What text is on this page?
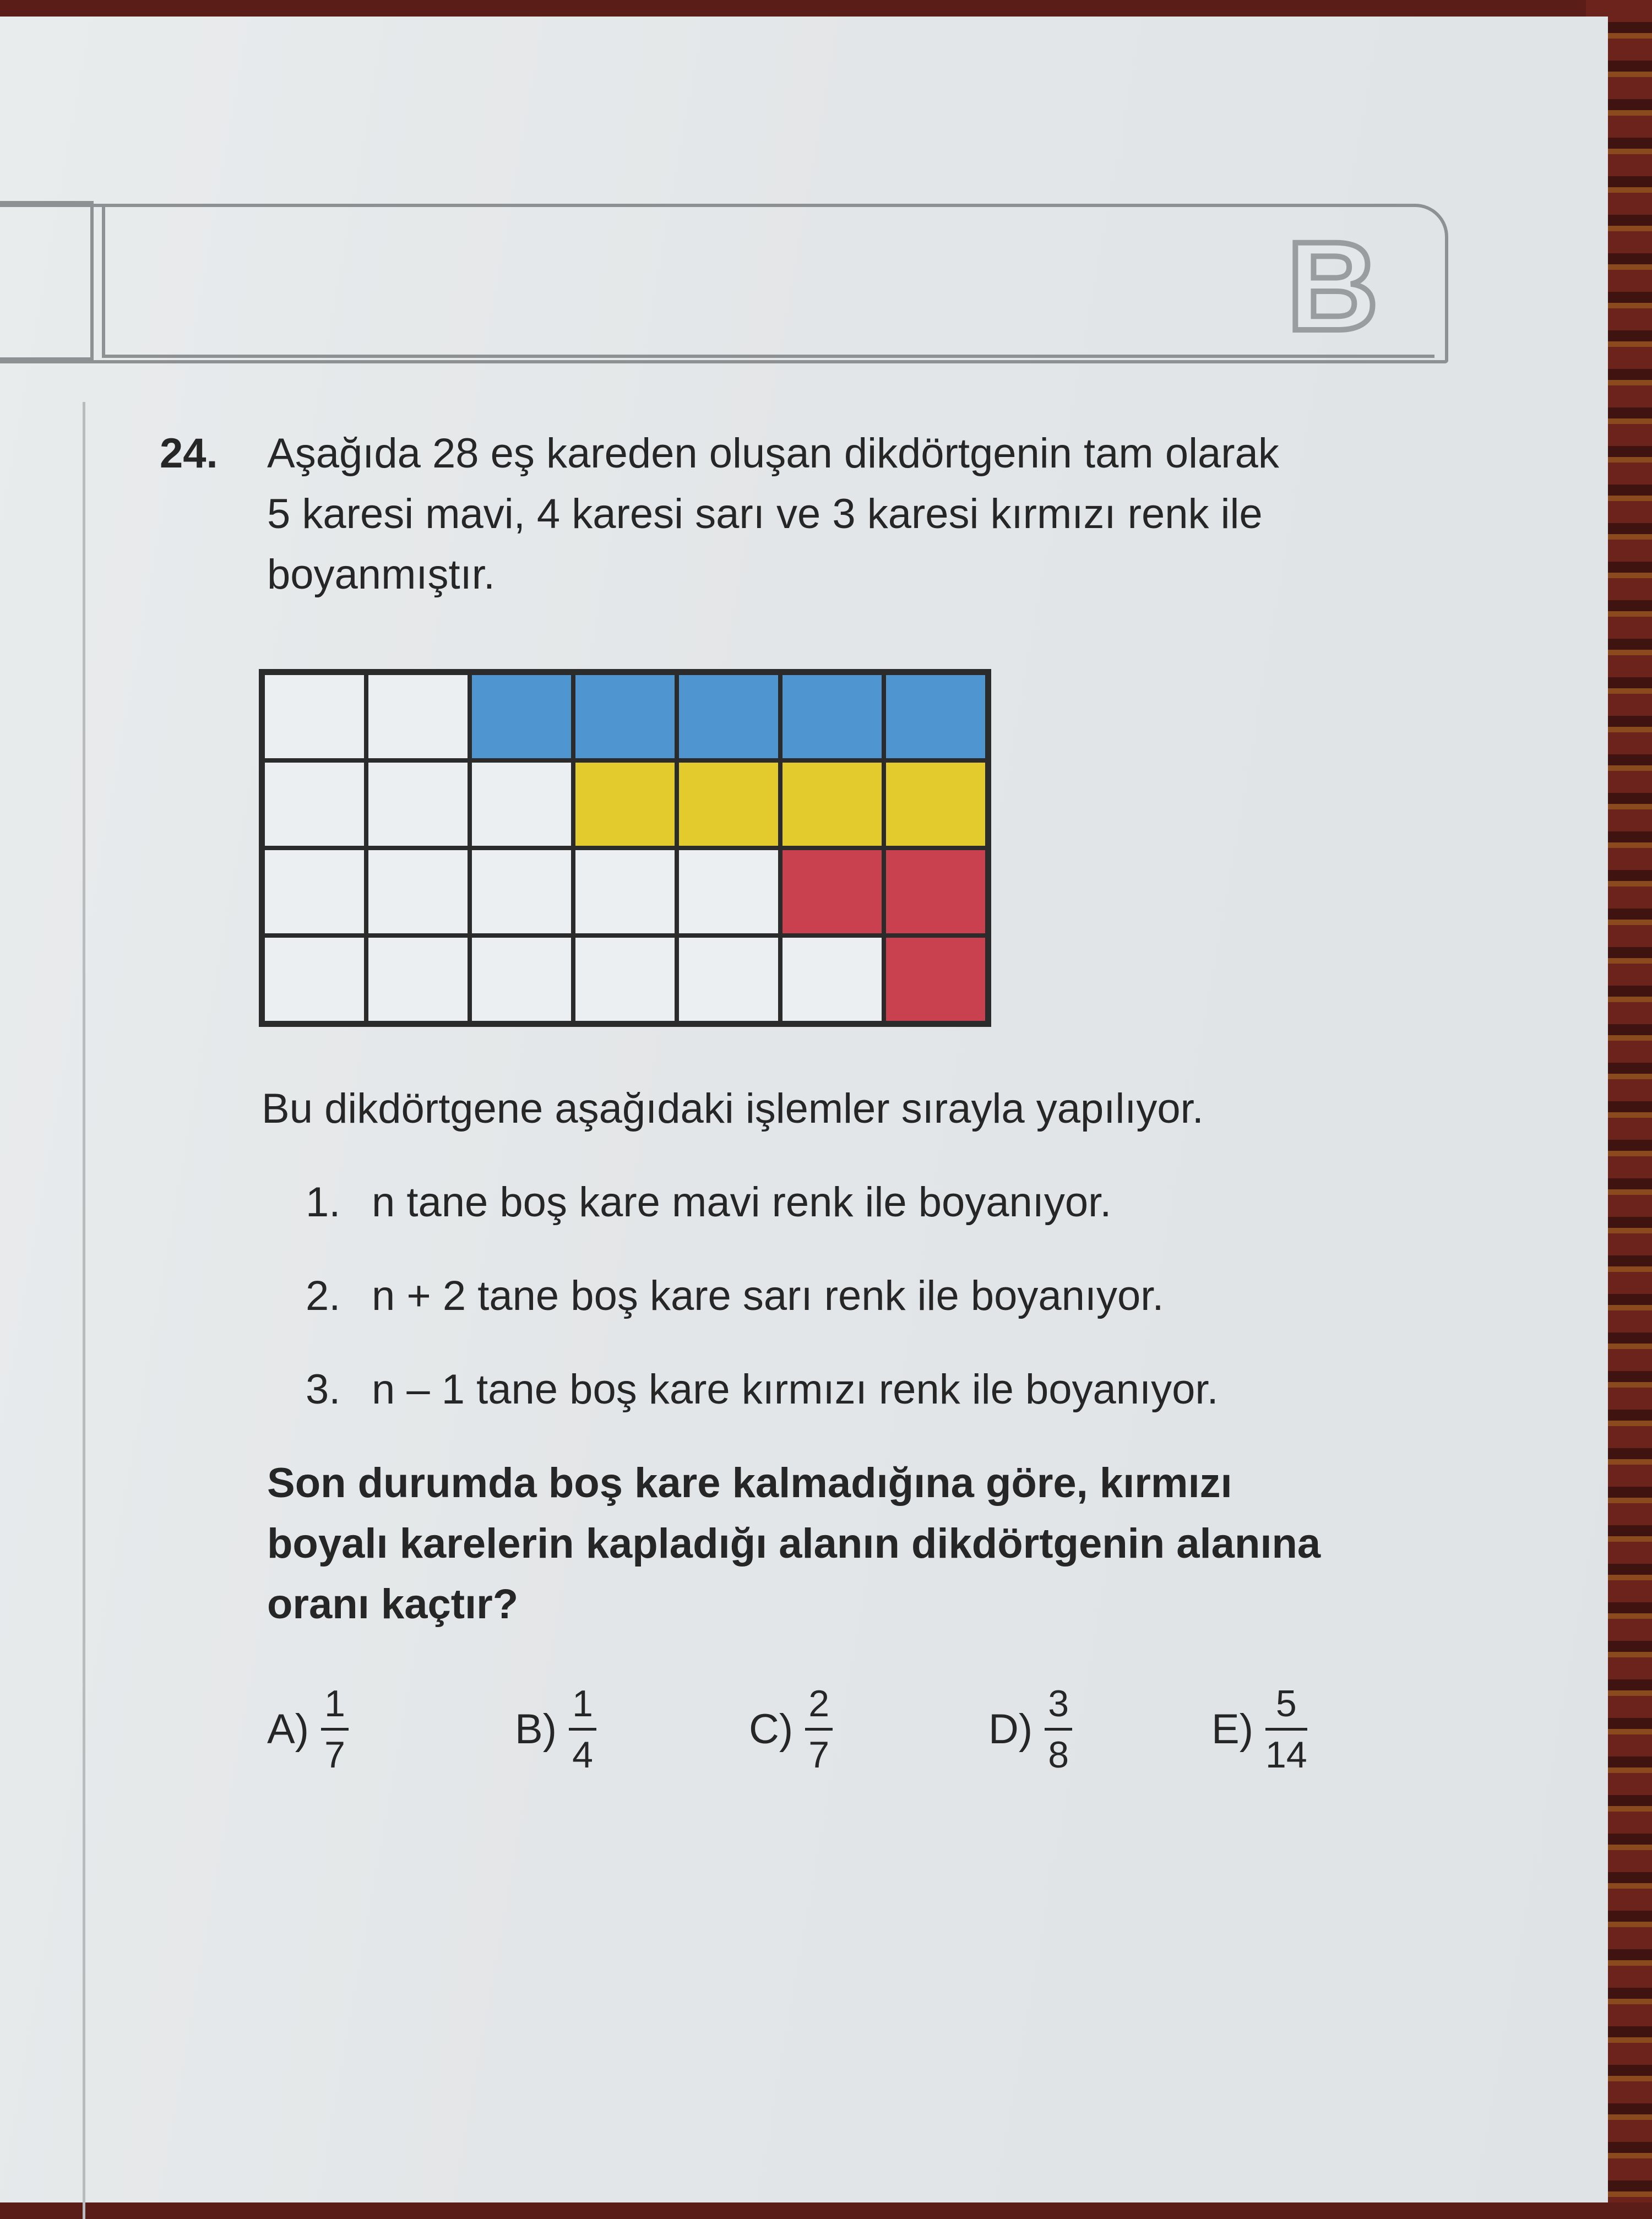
B
24. Aşağıda 28 eş kareden oluşan dikdörtgenin tam olarak
5 karesi mavi, 4 karesi sarı ve 3 karesi kırmızı renk ile
boyanmıştır.
Bu dikdörtgene aşağıdaki işlemler sırayla yapılıyor.
1. n tane boş kare mavi renk ile boyanıyor.
2. n + 2 tane boş kare sarı renk ile boyanıyor.
3. n – 1 tane boş kare kırmızı renk ile boyanıyor.
Son durumda boş kare kalmadığına göre, kırmızı
boyalı karelerin kapladığı alanın dikdörtgenin alanına
oranı kaçtır?
A)
1
7
B)
1
4
C)
2
7
D)
3
8
E)
5
14
